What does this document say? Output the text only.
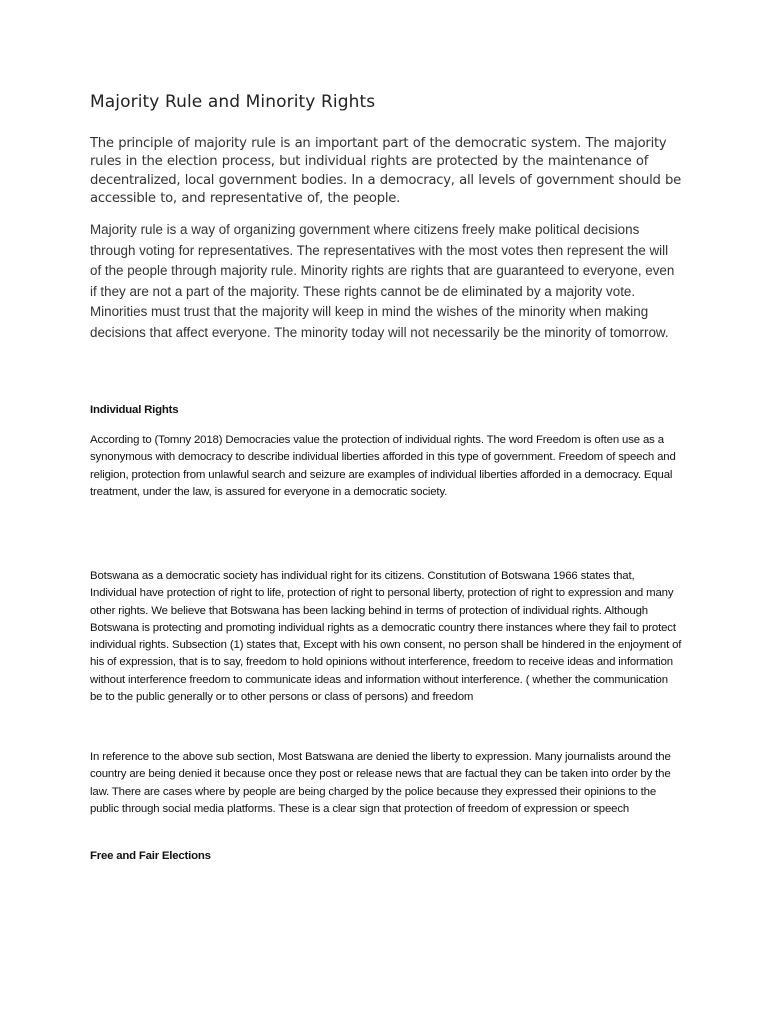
Majority Rule and Minority Rights

The principle of majority rule is an important part of the democratic system. The majority rules in the election process, but individual rights are protected by the maintenance of decentralized, local government bodies. In a democracy, all levels of government should be accessible to, and representative of, the people.

Majority rule is a way of organizing government where citizens freely make political decisions through voting for representatives. The representatives with the most votes then represent the will of the people through majority rule. Minority rights are rights that are guaranteed to everyone, even if they are not a part of the majority. These rights cannot be de eliminated by a majority vote. Minorities must trust that the majority will keep in mind the wishes of the minority when making decisions that affect everyone. The minority today will not necessarily be the minority of tomorrow.

Individual Rights

According to (Tomny 2018) Democracies value the protection of individual rights. The word Freedom is often use as a synonymous with democracy to describe individual liberties afforded in this type of government. Freedom of speech and religion, protection from unlawful search and seizure are examples of individual liberties afforded in a democracy. Equal treatment, under the law, is assured for everyone in a democratic society.

Botswana as a democratic society has individual right for its citizens. Constitution of Botswana 1966 states that, Individual have protection of right to life, protection of right to personal liberty, protection of right to expression and many other rights. We believe that Botswana has been lacking behind in terms of protection of individual rights. Although Botswana is protecting and promoting individual rights as a democratic country there instances where they fail to protect individual rights. Subsection (1) states that, Except with his own consent, no person shall be hindered in the enjoyment of his of expression, that is to say, freedom to hold opinions without interference, freedom to receive ideas and information without interference freedom to communicate ideas and information without interference. ( whether the communication be to the public generally or to other persons or class of persons) and freedom

In reference to the above sub section, Most Batswana are denied the liberty to expression. Many journalists around the country are being denied it because once they post or release news that are factual they can be taken into order by the law. There are cases where by people are being charged by the police because they expressed their opinions to the public through social media platforms. These is a clear sign that protection of freedom of expression or speech

Free and Fair Elections
